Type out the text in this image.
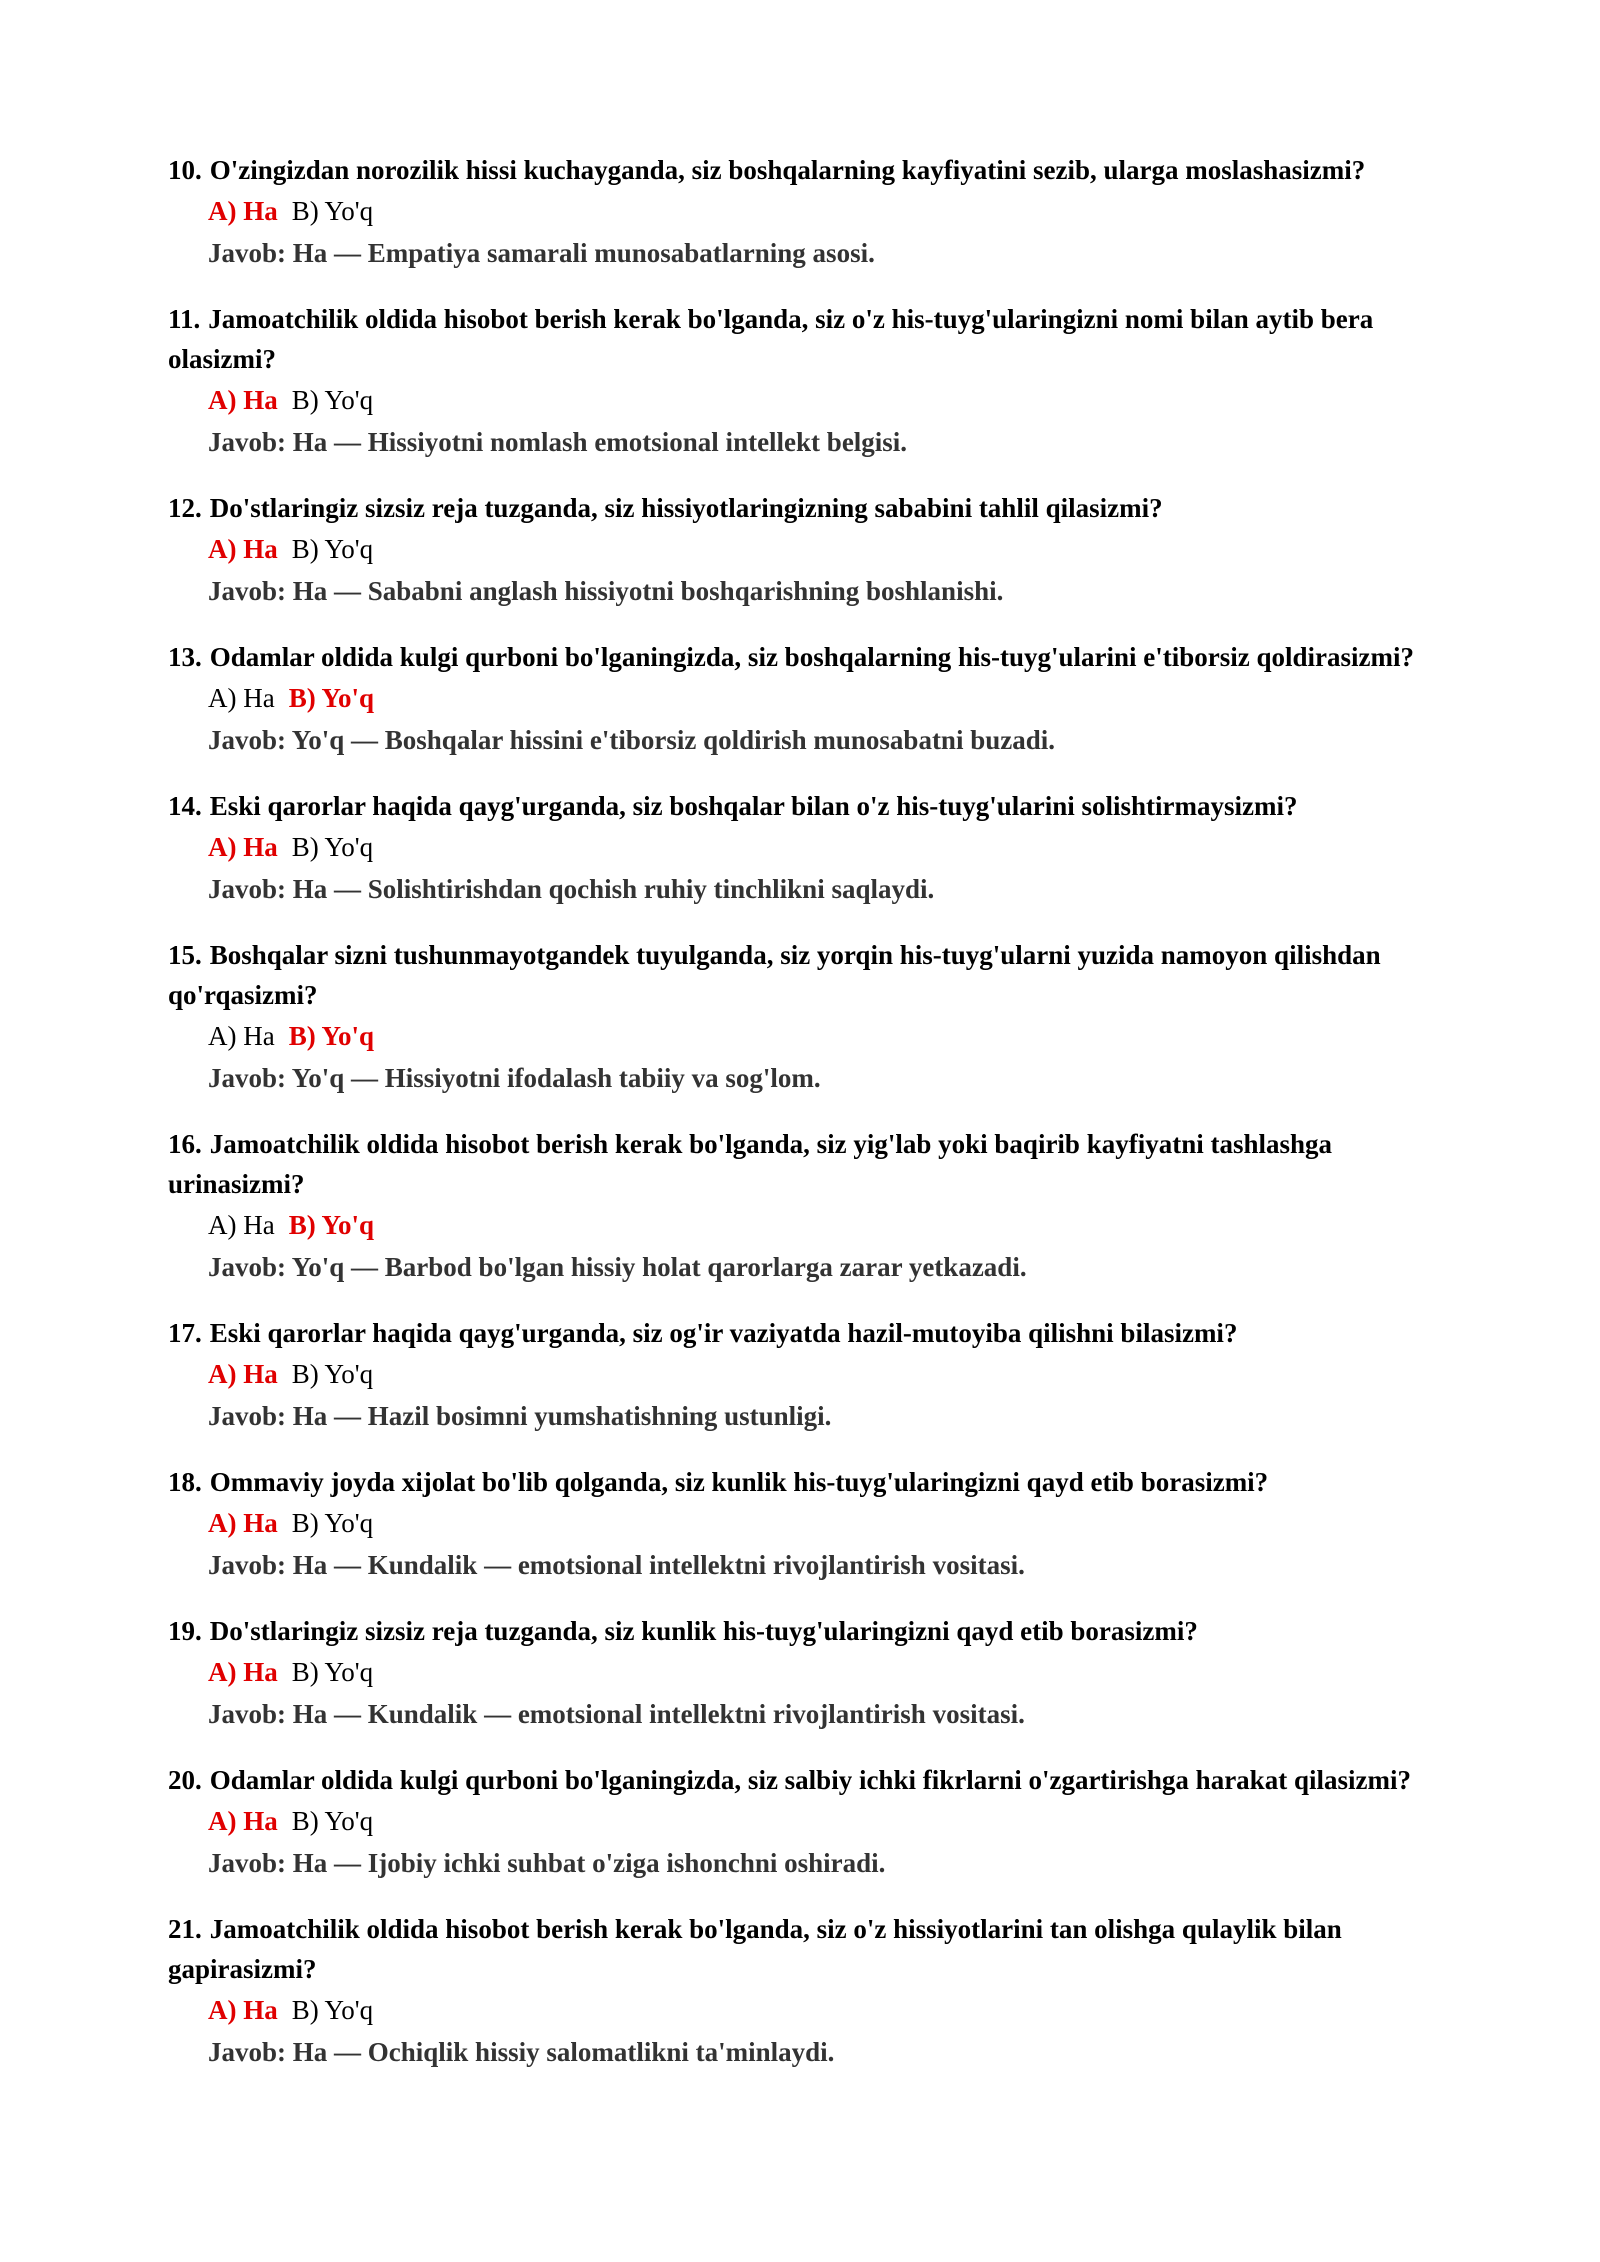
10. O'zingizdan norozilik hissi kuchayganda, siz boshqalarning kayfiyatini sezib, ularga moslashasizmi?

A) Ha B) Yo'q

Javob: Ha — Empatiya samarali munosabatlarning asosi.

11. Jamoatchilik oldida hisobot berish kerak bo'lganda, siz o'z his-tuyg'ularingizni nomi bilan aytib bera olasizmi?

A) Ha B) Yo'q

Javob: Ha — Hissiyotni nomlash emotsional intellekt belgisi.

12. Do'stlaringiz sizsiz reja tuzganda, siz hissiyotlaringizning sababini tahlil qilasizmi?

A) Ha B) Yo'q

Javob: Ha — Sababni anglash hissiyotni boshqarishning boshlanishi.

13. Odamlar oldida kulgi qurboni bo'lganingizda, siz boshqalarning his-tuyg'ularini e'tiborsiz qoldirasizmi?

A) Ha B) Yo'q

Javob: Yo'q — Boshqalar hissini e'tiborsiz qoldirish munosabatni buzadi.

14. Eski qarorlar haqida qayg'urganda, siz boshqalar bilan o'z his-tuyg'ularini solishtirmaysizmi?

A) Ha B) Yo'q

Javob: Ha — Solishtirishdan qochish ruhiy tinchlikni saqlaydi.

15. Boshqalar sizni tushunmayotgandek tuyulganda, siz yorqin his-tuyg'ularni yuzida namoyon qilishdan qo'rqasizmi?

A) Ha B) Yo'q

Javob: Yo'q — Hissiyotni ifodalash tabiiy va sog'lom.

16. Jamoatchilik oldida hisobot berish kerak bo'lganda, siz yig'lab yoki baqirib kayfiyatni tashlashga urinasizmi?

A) Ha B) Yo'q

Javob: Yo'q — Barbod bo'lgan hissiy holat qarorlarga zarar yetkazadi.

17. Eski qarorlar haqida qayg'urganda, siz og'ir vaziyatda hazil-mutoyiba qilishni bilasizmi?

A) Ha B) Yo'q

Javob: Ha — Hazil bosimni yumshatishning ustunligi.

18. Ommaviy joyda xijolat bo'lib qolganda, siz kunlik his-tuyg'ularingizni qayd etib borasizmi?

A) Ha B) Yo'q

Javob: Ha — Kundalik — emotsional intellektni rivojlantirish vositasi.

19. Do'stlaringiz sizsiz reja tuzganda, siz kunlik his-tuyg'ularingizni qayd etib borasizmi?

A) Ha B) Yo'q

Javob: Ha — Kundalik — emotsional intellektni rivojlantirish vositasi.

20. Odamlar oldida kulgi qurboni bo'lganingizda, siz salbiy ichki fikrlarni o'zgartirishga harakat qilasizmi?

A) Ha B) Yo'q

Javob: Ha — Ijobiy ichki suhbat o'ziga ishonchni oshiradi.

21. Jamoatchilik oldida hisobot berish kerak bo'lganda, siz o'z hissiyotlarini tan olishga qulaylik bilan gapirasizmi?

A) Ha B) Yo'q

Javob: Ha — Ochiqlik hissiy salomatlikni ta'minlaydi.
